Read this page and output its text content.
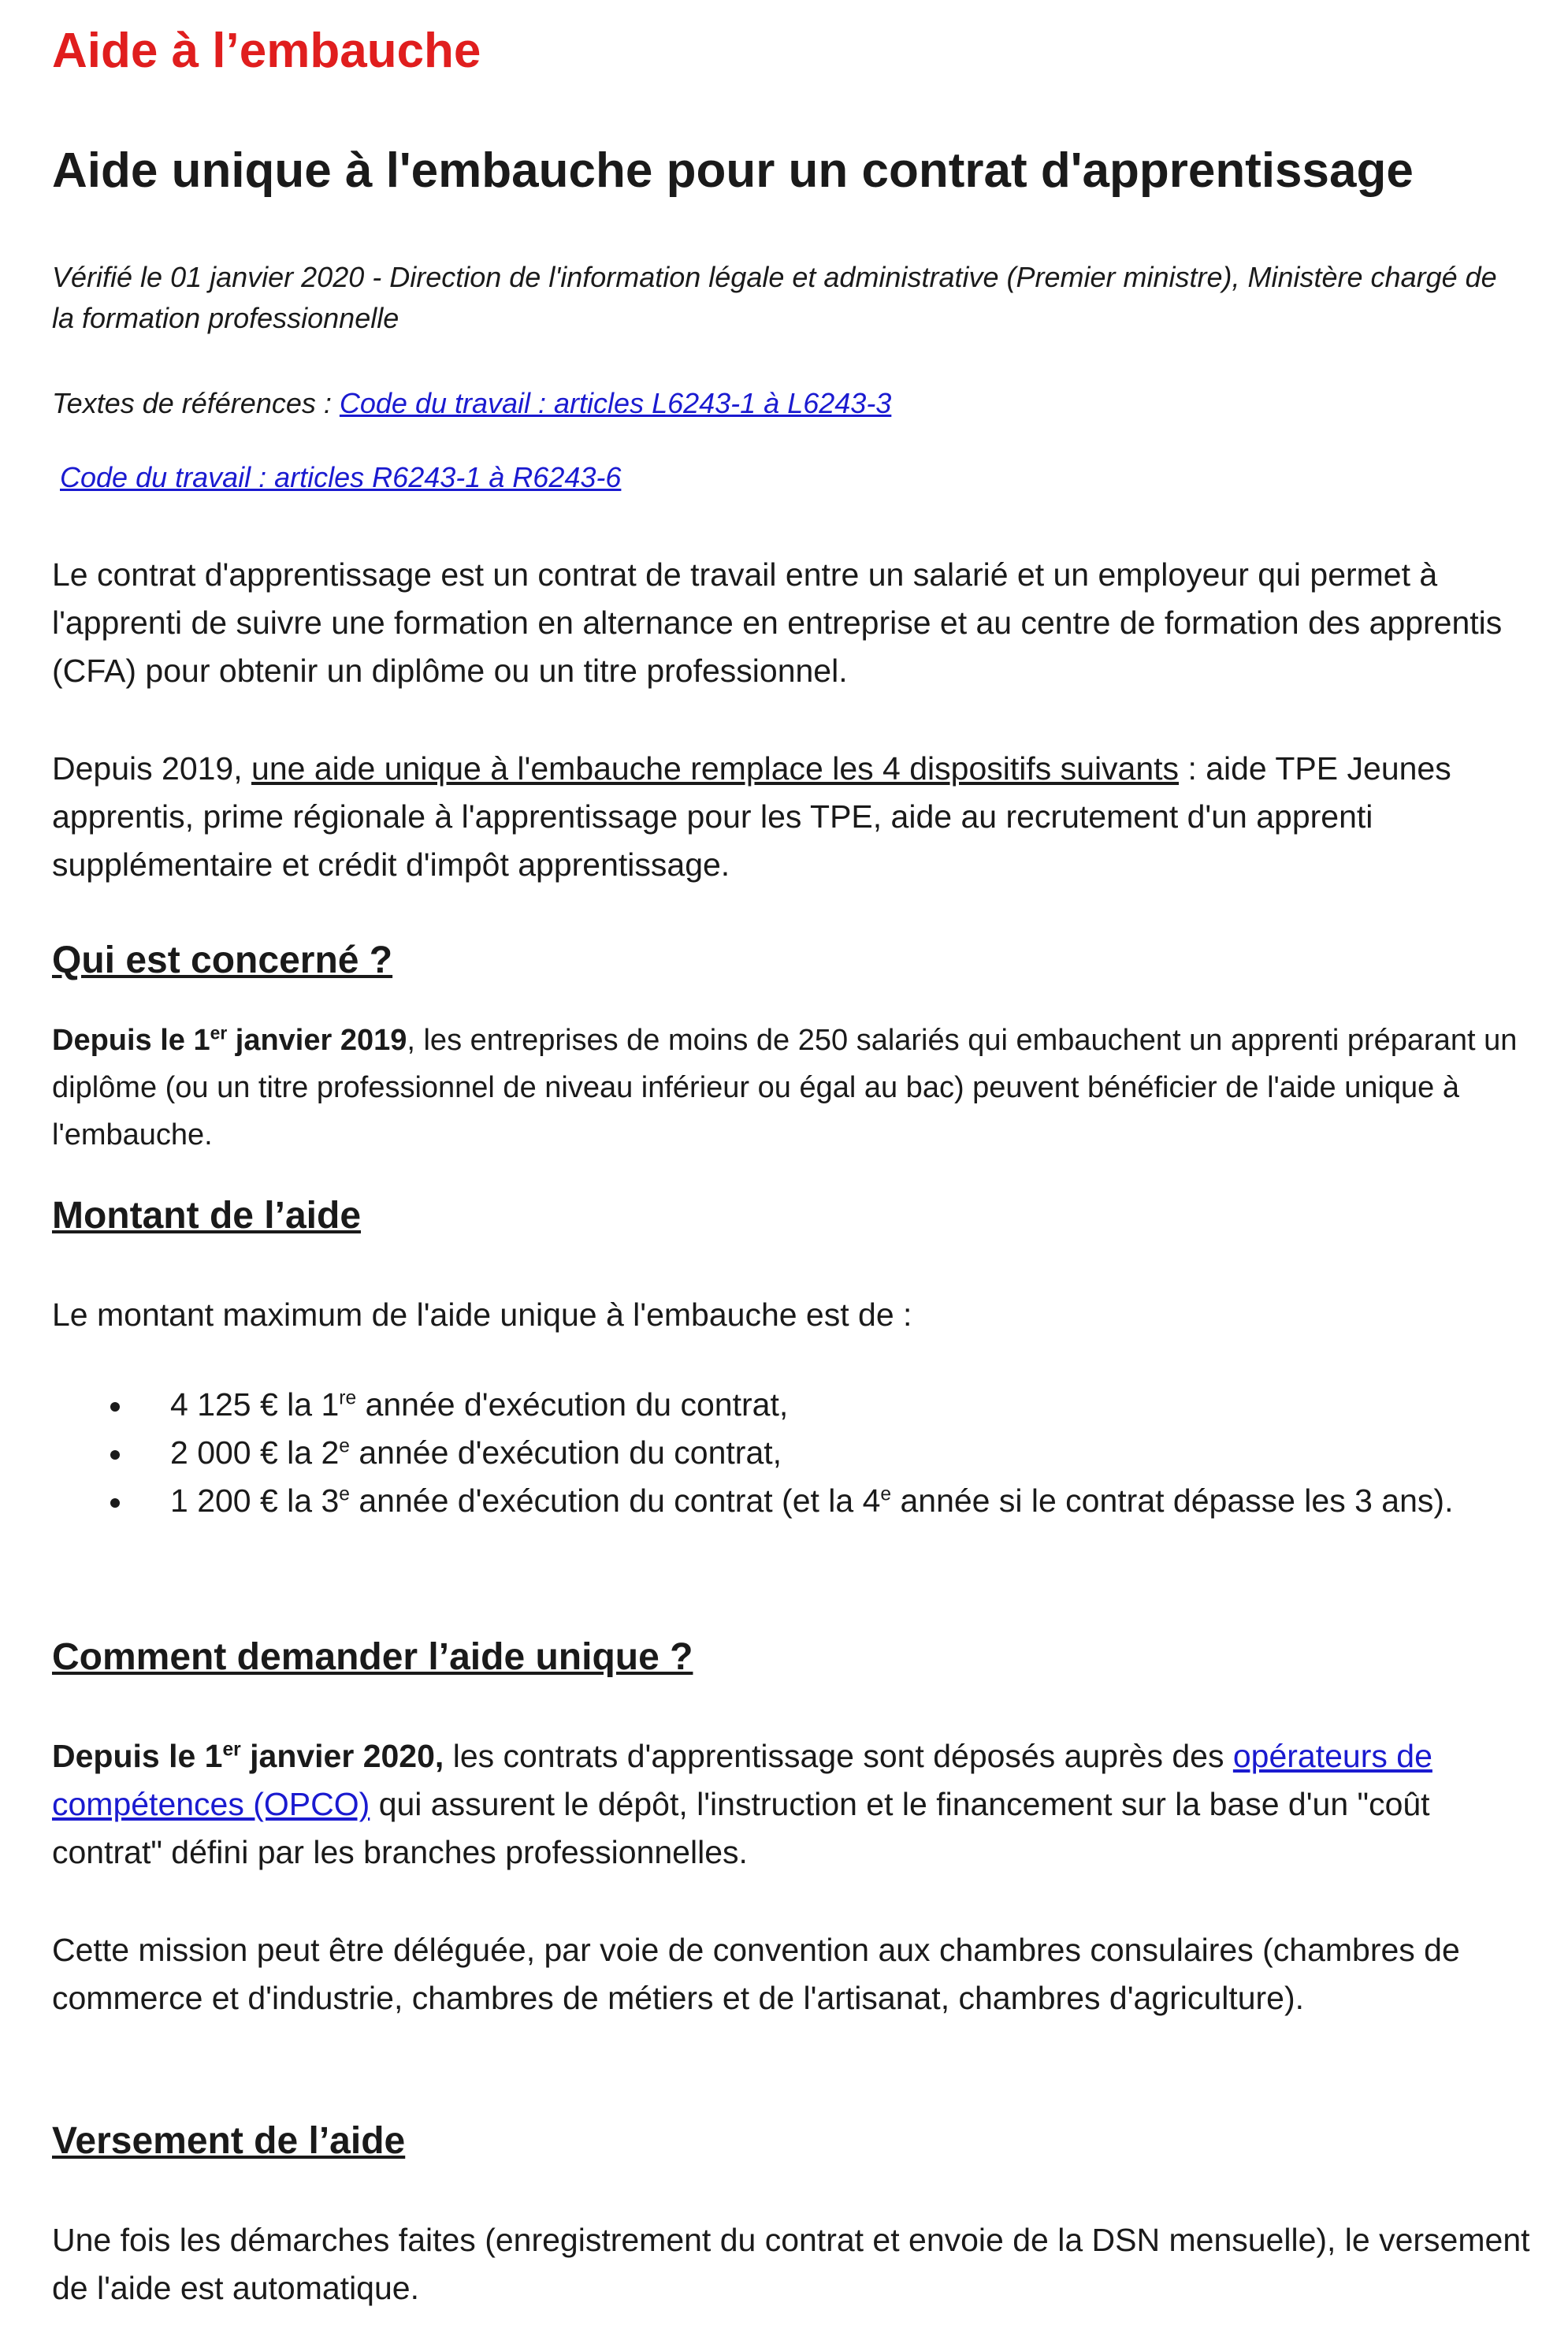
Aide à l’embauche
Aide unique à l'embauche pour un contrat d'apprentissage

Vérifié le 01 janvier 2020 - Direction de l'information légale et administrative (Premier ministre), Ministère chargé de la formation professionnelle

Textes de références : Code du travail : articles L6243-1 à L6243-3

Code du travail : articles R6243-1 à R6243-6

Le contrat d'apprentissage est un contrat de travail entre un salarié et un employeur qui permet à l'apprenti de suivre une formation en alternance en entreprise et au centre de formation des apprentis (CFA) pour obtenir un diplôme ou un titre professionnel.

Depuis 2019, une aide unique à l'embauche remplace les 4 dispositifs suivants : aide TPE Jeunes apprentis, prime régionale à l'apprentissage pour les TPE, aide au recrutement d'un apprenti supplémentaire et crédit d'impôt apprentissage.

Qui est concerné ?

Depuis le 1er janvier 2019, les entreprises de moins de 250 salariés qui embauchent un apprenti préparant un diplôme (ou un titre professionnel de niveau inférieur ou égal au bac) peuvent bénéficier de l'aide unique à l'embauche.

Montant de l’aide

Le montant maximum de l'aide unique à l'embauche est de :

4 125 € la 1re année d'exécution du contrat,
2 000 € la 2e année d'exécution du contrat,
1 200 € la 3e année d'exécution du contrat (et la 4e année si le contrat dépasse les 3 ans).
Comment demander l’aide unique ?

Depuis le 1er janvier 2020, les contrats d'apprentissage sont déposés auprès des opérateurs de compétences (OPCO) qui assurent le dépôt, l'instruction et le financement sur la base d'un "coût contrat" défini par les branches professionnelles.

Cette mission peut être déléguée, par voie de convention aux chambres consulaires (chambres de commerce et d'industrie, chambres de métiers et de l'artisanat, chambres d'agriculture).

Versement de l’aide

Une fois les démarches faites (enregistrement du contrat et envoie de la DSN mensuelle), le versement de l'aide est automatique.
